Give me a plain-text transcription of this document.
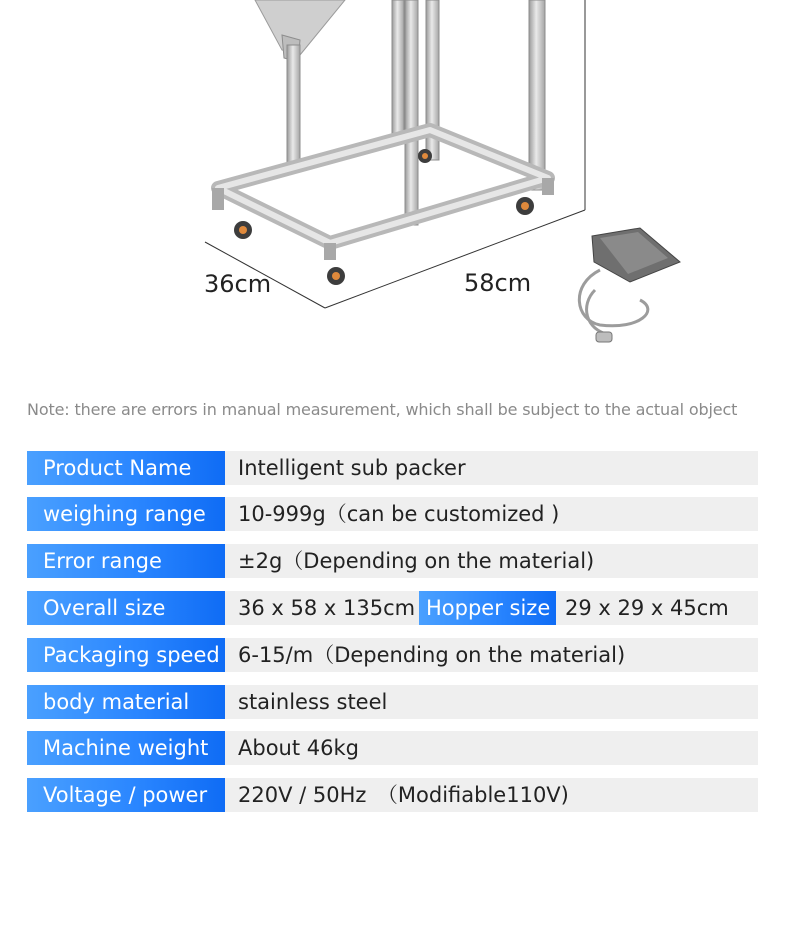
36cm	58cm
Note: there are errors in manual measurement, which shall be subject to the actual object
Product Name	Intelligent sub packer
weighing range	10-999g（can be customized )
Error range	±2g（Depending on the material)
Overall size	36 x 58 x 135cm Hopper size 29 x 29 x 45cm
Packaging speed 6-15/m（Depending on the material)
body material	stainless steel
Machine weight	About 46kg
Voltage / power	220V / 50Hz　（Modifiable110V)
